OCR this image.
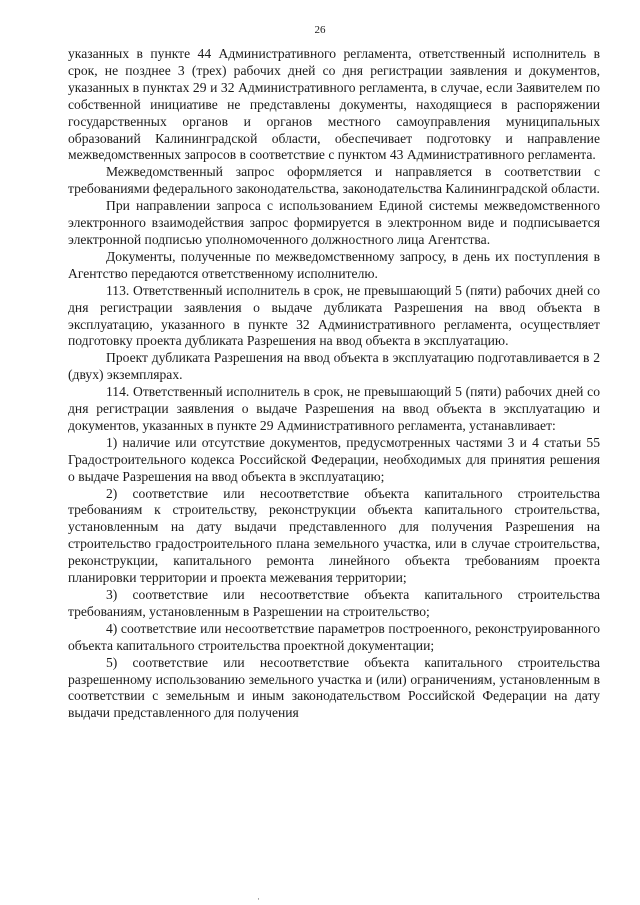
26

указанных в пункте 44 Административного регламента, ответственный исполнитель в срок, не позднее 3 (трех) рабочих дней со дня регистрации заявления и документов, указанных в пунктах 29 и 32 Административного регламента, в случае, если Заявителем по собственной инициативе не представлены документы, находящиеся в распоряжении государственных органов и органов местного самоуправления муниципальных образований Калининградской области, обеспечивает подготовку и направление межведомственных запросов в соответствие с пунктом 43 Административного регламента.

Межведомственный запрос оформляется и направляется в соответствии с требованиями федерального законодательства, законодательства Калининградской области.

При направлении запроса с использованием Единой системы межведомственного электронного взаимодействия запрос формируется в электронном виде и подписывается электронной подписью уполномоченного должностного лица Агентства.

Документы, полученные по межведомственному запросу, в день их поступления в Агентство передаются ответственному исполнителю.

113. Ответственный исполнитель в срок, не превышающий 5 (пяти) рабочих дней со дня регистрации заявления о выдаче дубликата Разрешения на ввод объекта в эксплуатацию, указанного в пункте 32 Административного регламента, осуществляет подготовку проекта дубликата Разрешения на ввод объекта в эксплуатацию.

Проект дубликата Разрешения на ввод объекта в эксплуатацию подготавливается в 2 (двух) экземплярах.

114. Ответственный исполнитель в срок, не превышающий 5 (пяти) рабочих дней со дня регистрации заявления о выдаче Разрешения на ввод объекта в эксплуатацию и документов, указанных в пункте 29 Административного регламента, устанавливает:

1) наличие или отсутствие документов, предусмотренных частями 3 и 4 статьи 55 Градостроительного кодекса Российской Федерации, необходимых для принятия решения о выдаче Разрешения на ввод объекта в эксплуатацию;

2) соответствие или несоответствие объекта капитального строительства требованиям к строительству, реконструкции объекта капитального строительства, установленным на дату выдачи представленного для получения Разрешения на строительство градостроительного плана земельного участка, или в случае строительства, реконструкции, капитального ремонта линейного объекта требованиям проекта планировки территории и проекта межевания территории;

3) соответствие или несоответствие объекта капитального строительства требованиям, установленным в Разрешении на строительство;

4) соответствие или несоответствие параметров построенного, реконструированного объекта капитального строительства проектной документации;

5) соответствие или несоответствие объекта капитального строительства разрешенному использованию земельного участка и (или) ограничениям, установленным в соответствии с земельным и иным законодательством Российской Федерации на дату выдачи представленного для получения

·
